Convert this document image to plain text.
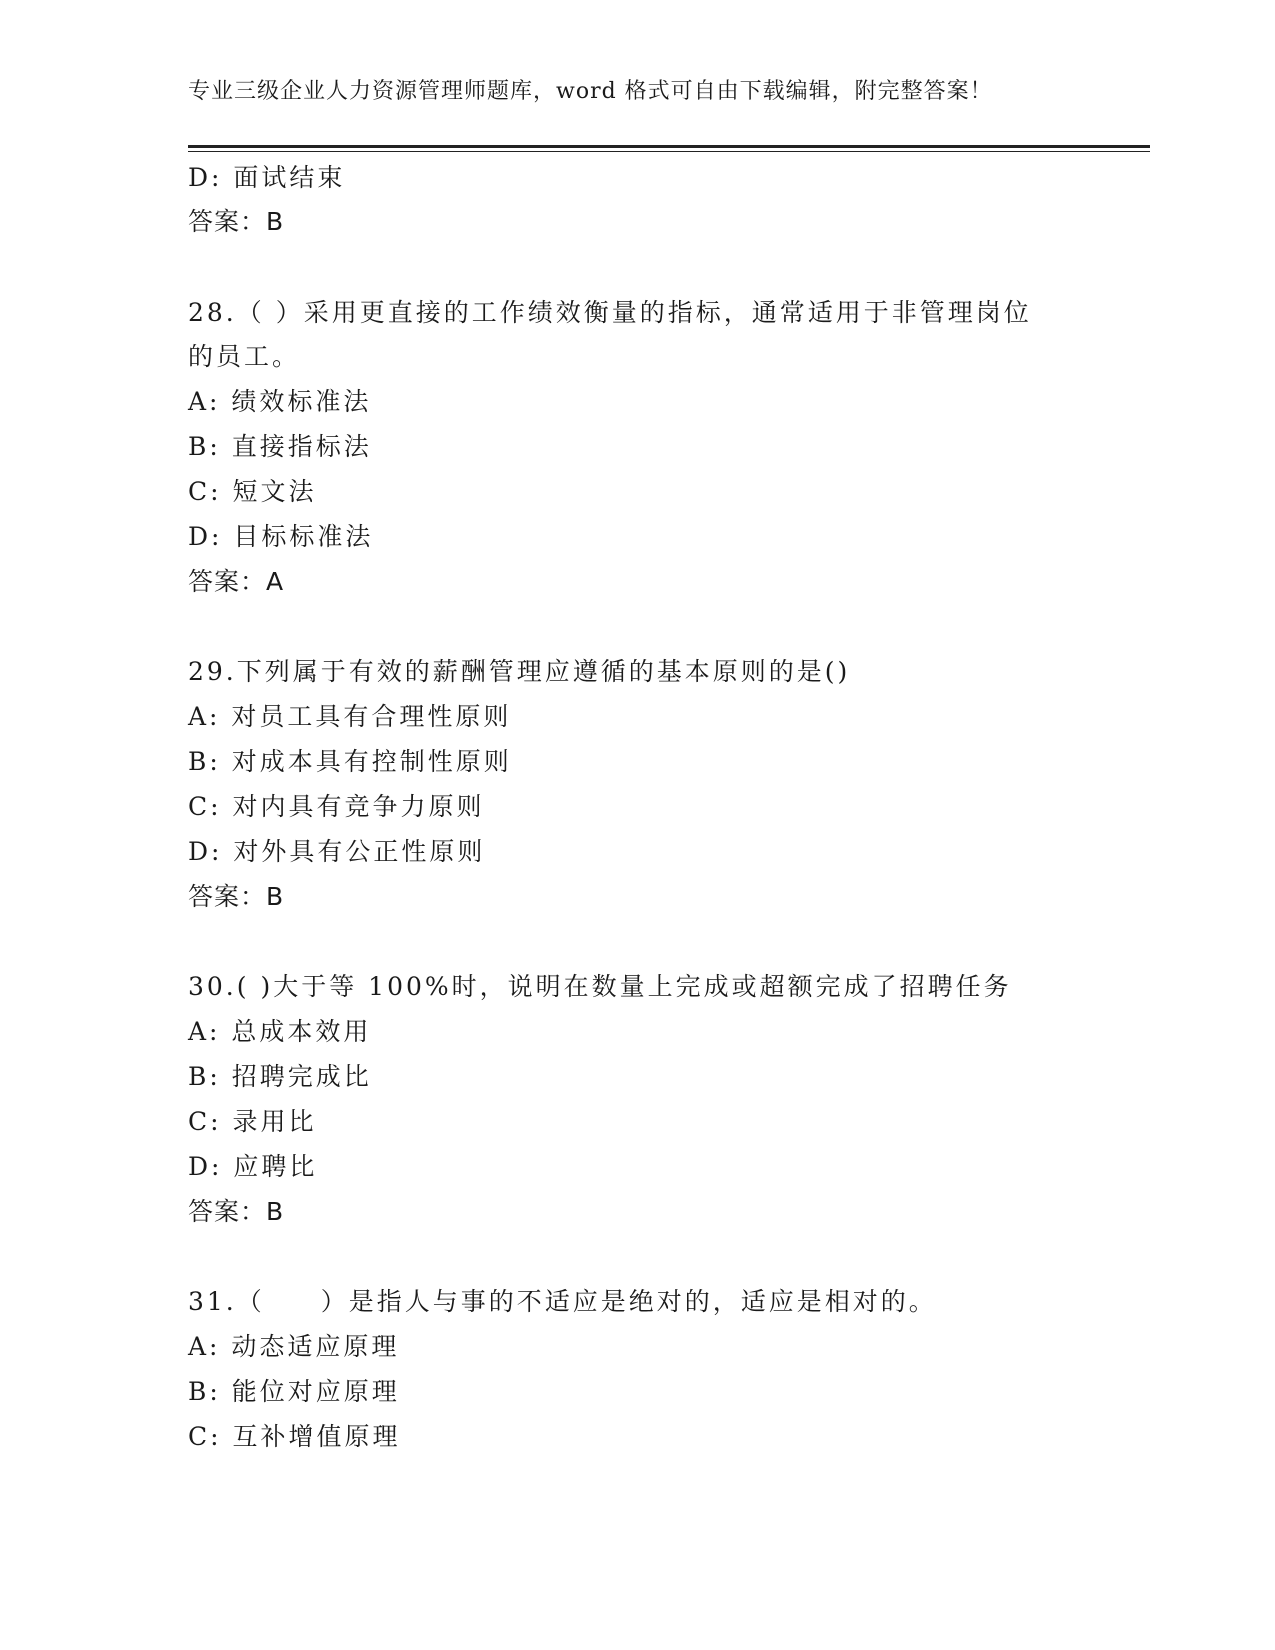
专业三级企业人力资源管理师题库，word 格式可自由下载编辑，附完整答案！
D: 面试结束
答案：B
28.（ ）采用更直接的工作绩效衡量的指标，通常适用于非管理岗位
的员工。
A: 绩效标准法
B: 直接指标法
C: 短文法
D: 目标标准法
答案：A
29.下列属于有效的薪酬管理应遵循的基本原则的是()
A: 对员工具有合理性原则
B: 对成本具有控制性原则
C: 对内具有竞争力原则
D: 对外具有公正性原则
答案：B
30.( )大于等 100%时，说明在数量上完成或超额完成了招聘任务
A: 总成本效用
B: 招聘完成比
C: 录用比
D: 应聘比
答案：B
31.（　　）是指人与事的不适应是绝对的，适应是相对的。
A: 动态适应原理
B: 能位对应原理
C: 互补增值原理
